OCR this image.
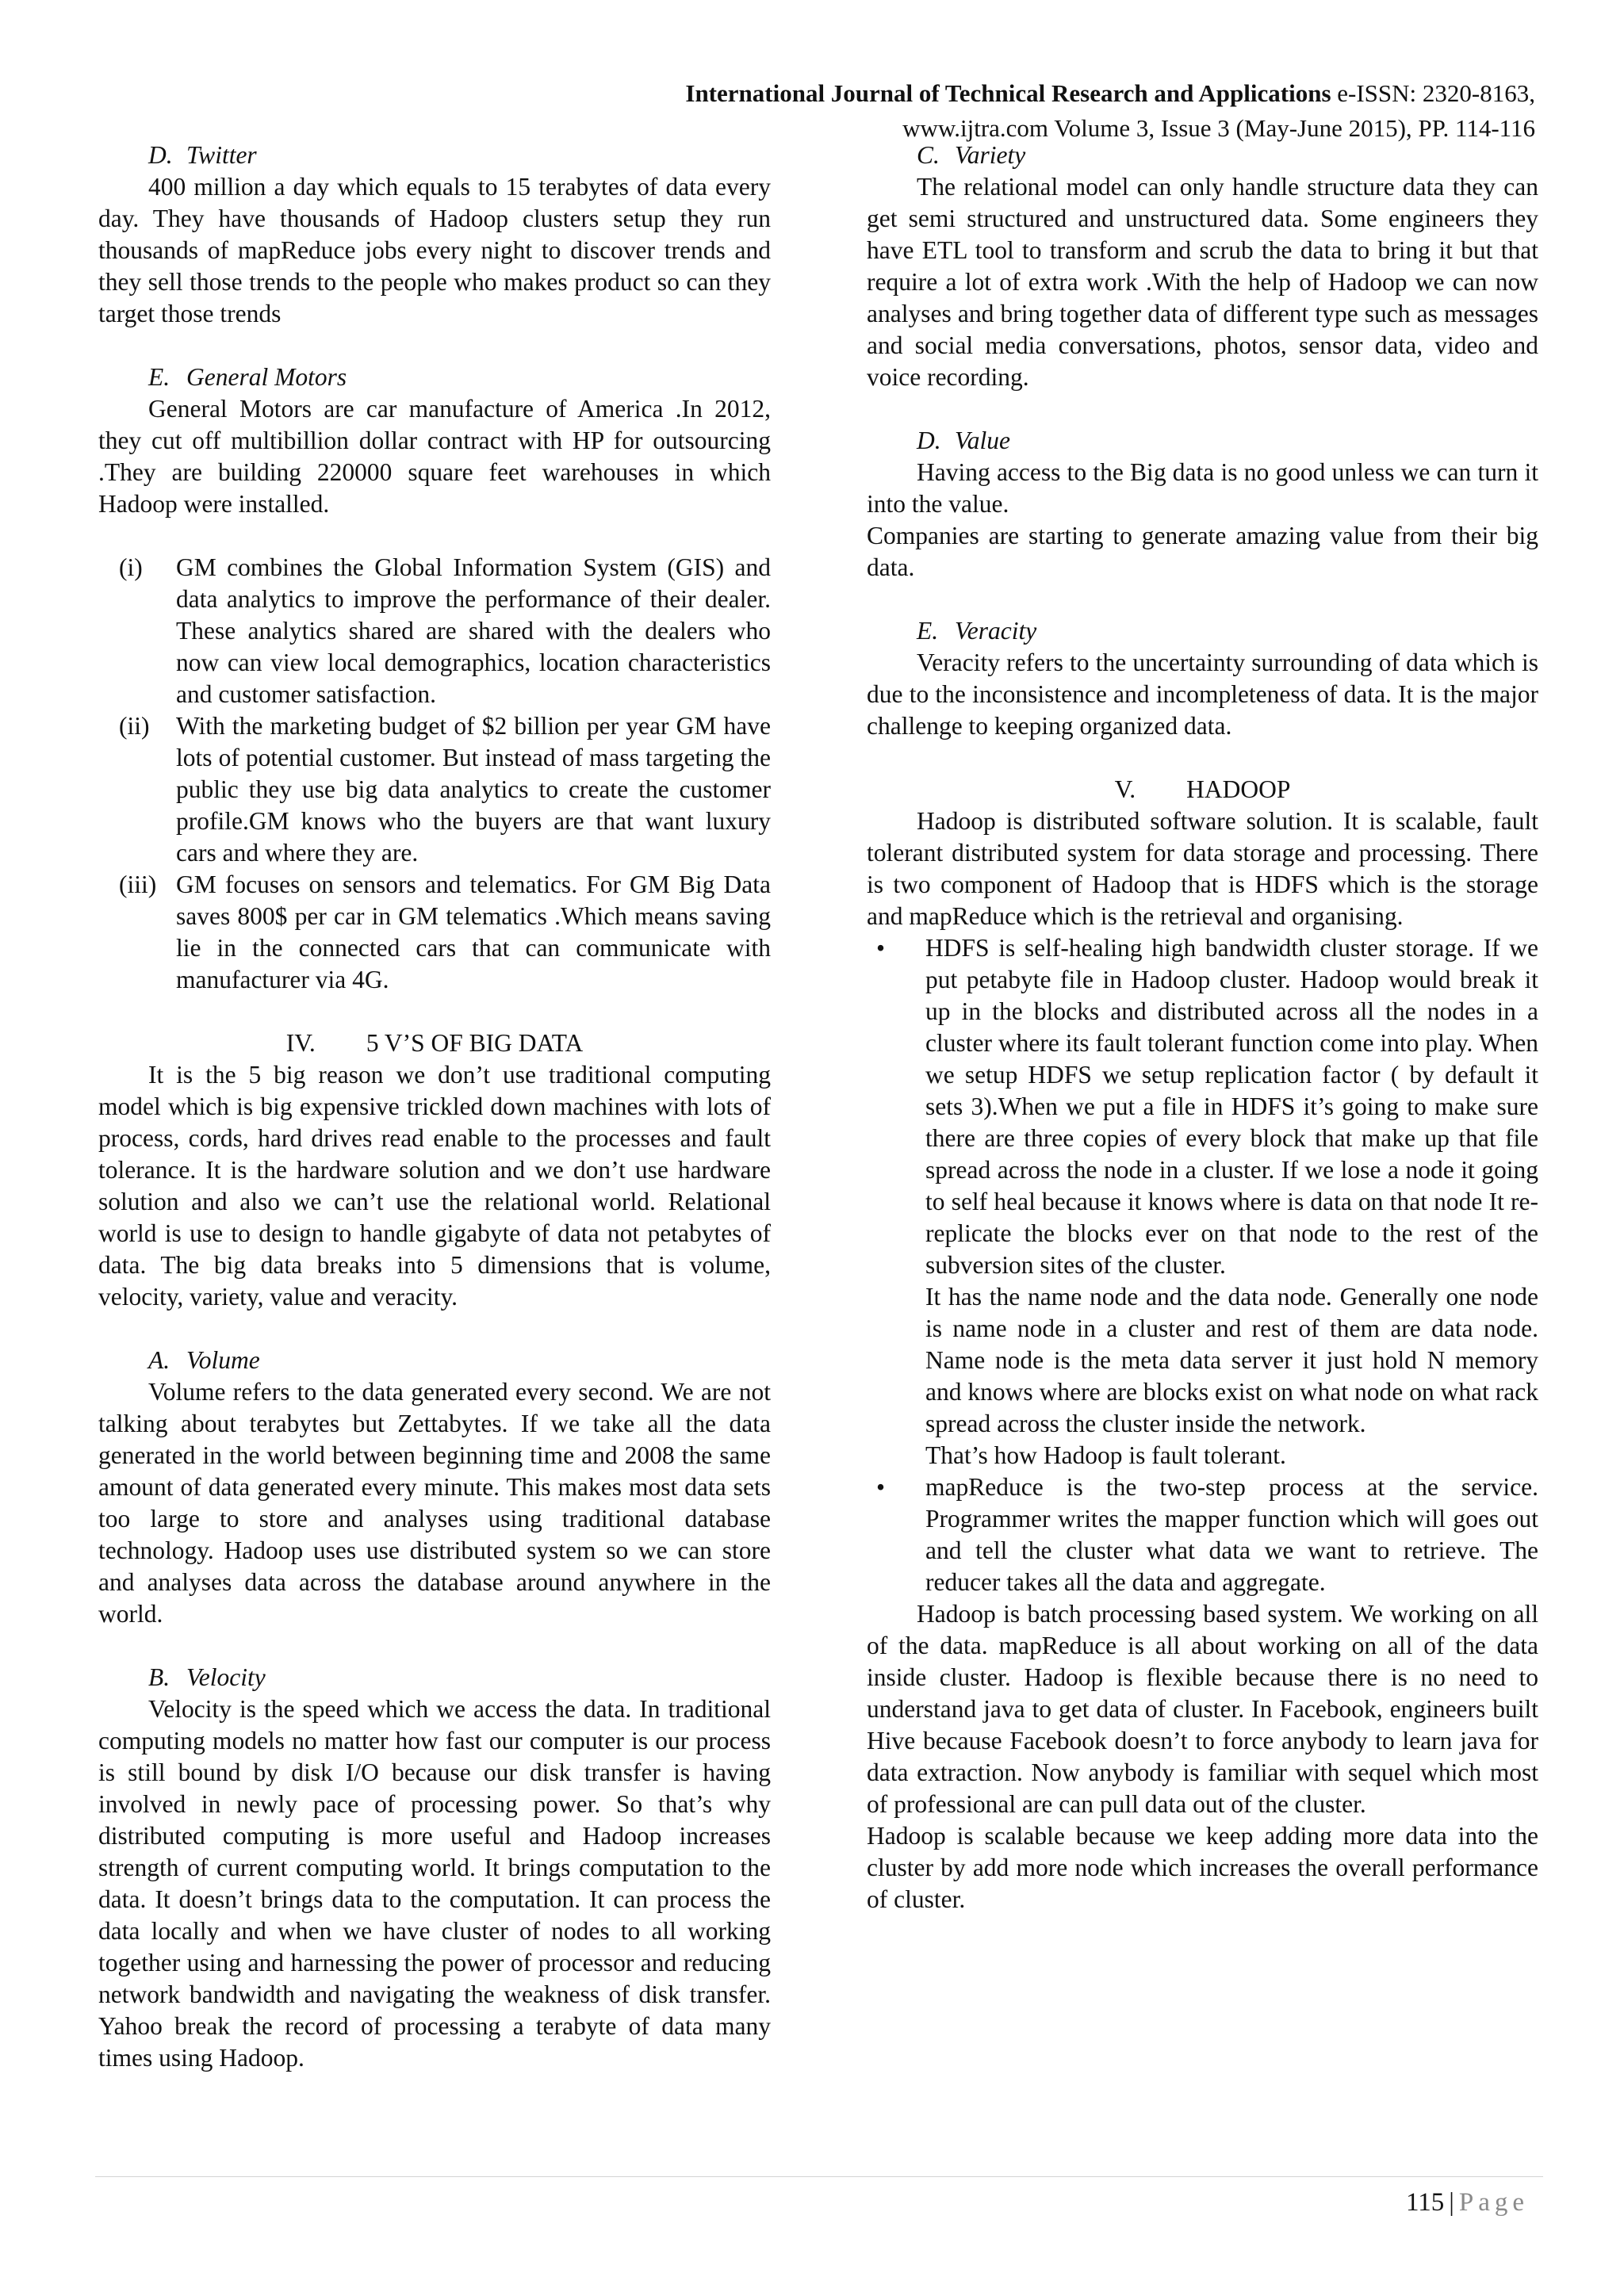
International Journal of Technical Research and Applications e-ISSN: 2320-8163,
www.ijtra.com Volume 3, Issue 3 (May-June 2015), PP. 114-116
D. Twitter

400 million a day which equals to 15 terabytes of data every day. They have thousands of Hadoop clusters setup they run thousands of mapReduce jobs every night to discover trends and they sell those trends to the people who makes product so can they target those trends

E. General Motors

General Motors are car manufacture of America .In 2012, they cut off multibillion dollar contract with HP for outsourcing .They are building 220000 square feet warehouses in which Hadoop were installed.

(i)	GM combines the Global Information System (GIS) and data analytics to improve the performance of their dealer. These analytics shared are shared with the dealers who now can view local demographics, location characteristics and customer satisfaction.
(ii)	With the marketing budget of $2 billion per year GM have lots of potential customer. But instead of mass targeting the public they use big data analytics to create the customer profile.GM knows who the buyers are that want luxury cars and where they are.
(iii) GM focuses on sensors and telematics. For GM Big Data saves 800$ per car in GM telematics .Which means saving lie in the connected cars that can communicate with manufacturer via 4G.
IV. 5 V’S OF BIG DATA

It is the 5 big reason we don’t use traditional computing model which is big expensive trickled down machines with lots of process, cords, hard drives read enable to the processes and fault tolerance. It is the hardware solution and we don’t use hardware solution and also we can’t use the relational world. Relational world is use to design to handle gigabyte of data not petabytes of data. The big data breaks into 5 dimensions that is volume, velocity, variety, value and veracity.

A. Volume

Volume refers to the data generated every second. We are not talking about terabytes but Zettabytes. If we take all the data generated in the world between beginning time and 2008 the same amount of data generated every minute. This makes most data sets too large to store and analyses using traditional database technology. Hadoop uses use distributed system so we can store and analyses data across the database around anywhere in the world.

B. Velocity

Velocity is the speed which we access the data. In traditional computing models no matter how fast our computer is our process is still bound by disk I/O because our disk transfer is having involved in newly pace of processing power. So that’s why distributed computing is more useful and Hadoop increases strength of current computing world. It brings computation to the data. It doesn’t brings data to the computation. It can process the data locally and when we have cluster of nodes to all working together using and harnessing the power of processor and reducing network bandwidth and navigating the weakness of disk transfer. Yahoo break the record of processing a terabyte of data many times using Hadoop.

C. Variety

The relational model can only handle structure data they can get semi structured and unstructured data. Some engineers they have ETL tool to transform and scrub the data to bring it but that require a lot of extra work .With the help of Hadoop we can now analyses and bring together data of different type such as messages and social media conversations, photos, sensor data, video and voice recording.

D. Value

Having access to the Big data is no good unless we can turn it into the value.

Companies are starting to generate amazing value from their big data.

E. Veracity

Veracity refers to the uncertainty surrounding of data which is due to the inconsistence and incompleteness of data. It is the major challenge to keeping organized data.

V. HADOOP

Hadoop is distributed software solution. It is scalable, fault tolerant distributed system for data storage and processing. There is two component of Hadoop that is HDFS which is the storage and mapReduce which is the retrieval and organising.

• HDFS is self-healing high bandwidth cluster storage. If we put petabyte file in Hadoop cluster. Hadoop would break it up in the blocks and distributed across all the nodes in a cluster where its fault tolerant function come into play. When we setup HDFS we setup replication factor ( by default it sets 3).When we put a file in HDFS it’s going to make sure there are three copies of every block that make up that file spread across the node in a cluster. If we lose a node it going to self heal because it knows where is data on that node It re-replicate the blocks ever on that node to the rest of the subversion sites of the cluster.

It has the name node and the data node. Generally one node is name node in a cluster and rest of them are data node. Name node is the meta data server it just hold N memory and knows where are blocks exist on what node on what rack spread across the cluster inside the network.

That’s how Hadoop is fault tolerant.

• mapReduce is the two-step process at the service. Programmer writes the mapper function which will goes out and tell the cluster what data we want to retrieve. The reducer takes all the data and aggregate.

Hadoop is batch processing based system. We working on all of the data. mapReduce is all about working on all of the data inside cluster. Hadoop is flexible because there is no need to understand java to get data of cluster. In Facebook, engineers built Hive because Facebook doesn’t to force anybody to learn java for data extraction. Now anybody is familiar with sequel which most of professional are can pull data out of the cluster.

Hadoop is scalable because we keep adding more data into the cluster by add more node which increases the overall performance of cluster.

115 | Page
